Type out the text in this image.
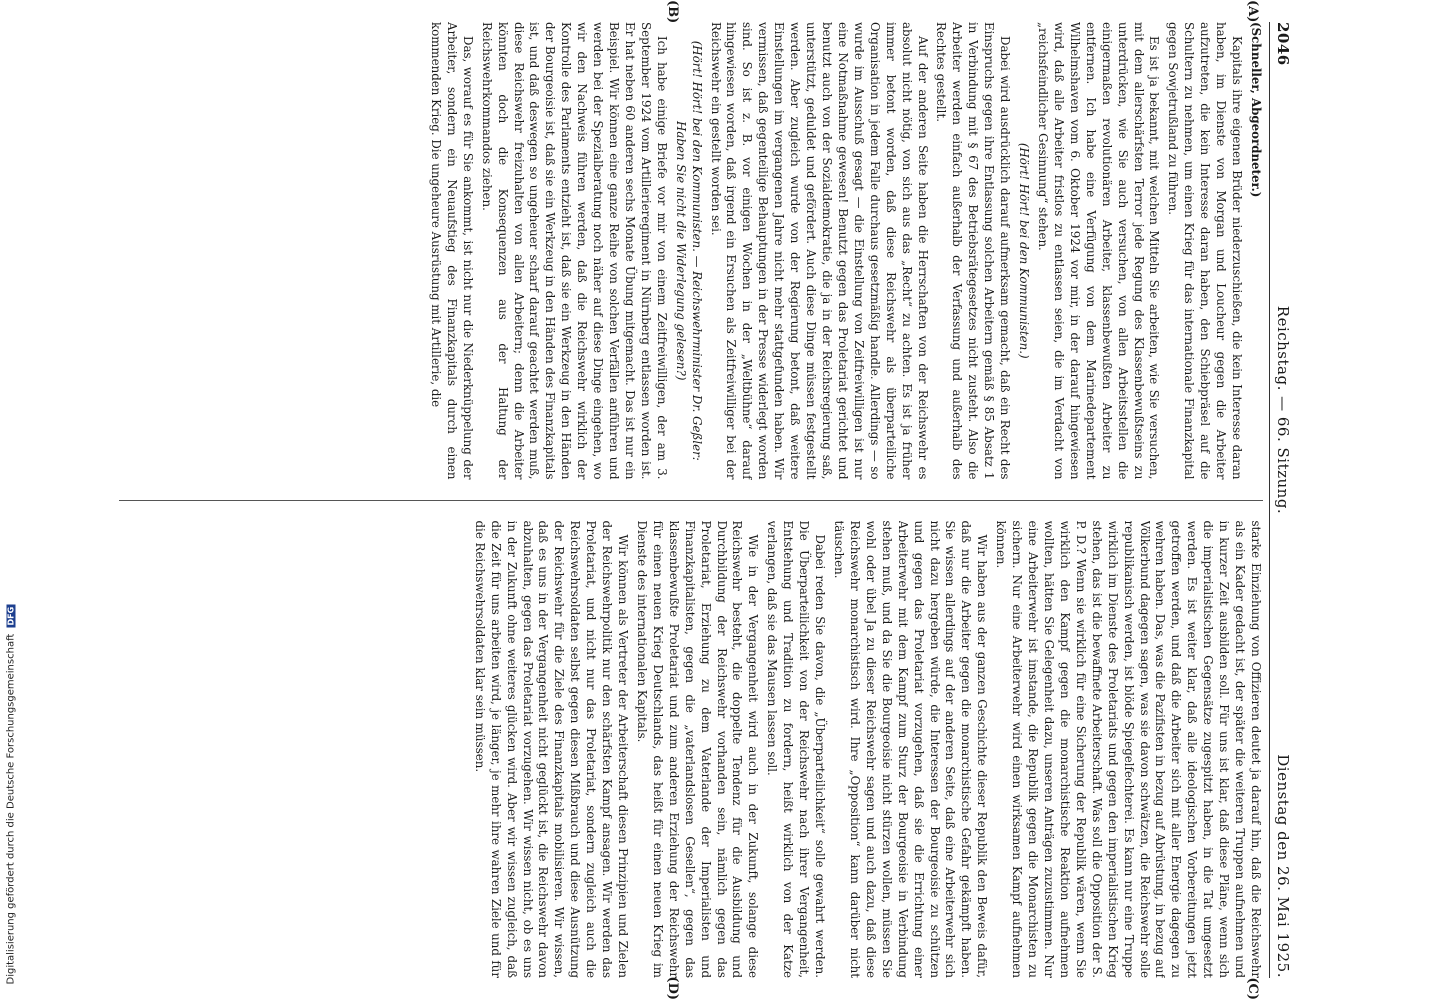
2046
Reichstag. — 66. Sitzung.
Dienstag den 26. Mai 1925.

(Schneller, Abgeordneter.)

Kapitals ihre eigenen Brüder niederzuschießen, die kein Interesse daran haben, im Dienste von Morgan und Loucheur gegen die Arbeiter aufzutreten, die kein Interesse daran haben, den Schiebpräsel auf die Schultern zu nehmen, um einen Krieg für das internationale Finanzkapital gegen Sowjetrußland zu führen.

Es ist ja bekannt, mit welchen Mitteln Sie arbeiten, wie Sie versuchen, mit dem allerschärfsten Terror jede Regung des Klassenbewußtseins zu unterdrücken, wie Sie auch versuchen, von allen Arbeitsstellen die einigermaßen revolutionären Arbeiter, klassenbewußten Arbeiter zu entfernen. Ich habe eine Verfügung von dem Marinedepartement Wilhelmshaven vom 6. Oktober 1924 vor mir, in der darauf hingewiesen wird, daß alle Arbeiter fristlos zu entlassen seien, die im Verdacht von „reichsfeindlicher Gesinnung“ stehen.

(Hört! Hört! bei den Kommunisten.)

Dabei wird ausdrücklich darauf aufmerksam gemacht, daß ein Recht des Einspruchs gegen ihre Entlassung solchen Arbeitern gemäß § 85 Absatz 1 in Verbindung mit § 67 des Betriebsrätegesetzes nicht zusteht. Also die Arbeiter werden einfach außerhalb der Verfassung und außerhalb des Rechtes gestellt.

Auf der anderen Seite haben die Herrschaften von der Reichswehr es absolut nicht nötig, von sich aus das „Recht“ zu achten. Es ist ja früher immer betont worden, daß diese Reichswehr als überparteiliche Organisation in jedem Falle durchaus gesetzmäßig handle. Allerdings — so wurde im Ausschuß gesagt — die Einstellung von Zeitfreiwilligen ist nur eine Notmaßnahme gewesen! Benutzt gegen das Proletariat gerichtet und benutzt auch von der Sozialdemokratie, die ja in der Reichsregierung saß, unterstützt, geduldet und gefördert. Auch diese Dinge müssen festgestellt werden. Aber zugleich wurde von der Regierung betont, daß weitere Einstellungen im vergangenen Jahre nicht mehr stattgefunden haben. Wir vermissen, daß gegenteilige Behauptungen in der Presse widerlegt worden sind. So ist z. B. vor einigen Wochen in der „Weltbühne“ darauf hingewiesen worden, daß irgend ein Ersuchen als Zeitfreiwilliger bei der Reichswehr ein gestellt worden sei.

(Hört! Hört! bei den Kommunisten. — Reichswehrminister Dr. Geßler: Haben Sie nicht die Widerlegung gelesen?)

Ich habe einige Briefe vor mir von einem Zeitfreiwilligen, der am 3. September 1924 vom Artillerieregiment in Nürnberg entlassen worden ist. Er hat neben 60 anderen sechs Monate Übung mitgemacht. Das ist nur ein Beispiel. Wir können eine ganze Reihe von solchen Verfällen anführen und werden bei der Spezialberatung noch näher auf diese Dinge eingehen, wo wir den Nachweis führen werden, daß die Reichswehr wirklich der Kontrolle des Parlaments entzieht ist, daß sie ein Werkzeug in den Händen der Bourgeoisie ist, daß sie ein Werkzeug in den Händen des Finanzkapitals ist, und daß deswegen so ungeheuer scharf darauf geachtet werden muß, diese Reichswehr freizuhalten von allen Arbeitern; denn die Arbeiter könnten doch die Konsequenzen aus der Haltung der Reichswehrkommandos ziehen.

Das, worauf es für Sie ankommt, ist nicht nur die Niederknüppelung der Arbeiter, sondern ein Neuaufstieg des Finanzkapitals durch einen kommenden Krieg. Die ungeheure Ausrüstung mit Artillerie, die

starke Einziehung von Offizieren deutet ja darauf hin, daß die Reichswehr als ein Kader gedacht ist, der später die weiteren Truppen aufnehmen und in kurzer Zeit ausbilden soll. Für uns ist klar, daß diese Pläne, wenn sich die imperialistischen Gegensätze zugespitzt haben, in die Tat umgesetzt werden. Es ist weiter klar, daß alle ideologischen Vorbereitungen jetzt getroffen werden, und daß die Arbeiter sich mit aller Energie dagegen zu wehren haben. Das, was die Pazifisten in bezug auf Abrüstung, in bezug auf Völkerbund dagegen sagen, was sie davon schwätzen, die Reichswehr solle republikanisch werden, ist blöde Spiegelfechterei. Es kann nur eine Truppe wirklich im Dienste des Proletariats und gegen den imperialistischen Krieg stehen, das ist die bewaffnete Arbeiterschaft. Was soll die Opposition der S. P. D.? Wenn sie wirklich für eine Sicherung der Republik wären, wenn Sie wirklich den Kampf gegen die monarchistische Reaktion aufnehmen wollten, hätten Sie Gelegenheit dazu, unseren Anträgen zuzustimmen. Nur eine Arbeiterwehr ist imstande, die Republik gegen die Monarchisten zu sichern. Nur eine Arbeiterwehr wird einen wirksamen Kampf aufnehmen können.

Wir haben aus der ganzen Geschichte dieser Republik den Beweis dafür, daß nur die Arbeiter gegen die monarchistische Gefahr gekämpft haben. Sie wissen allerdings auf der anderen Seite, daß eine Arbeiterwehr sich nicht dazu hergeben würde, die Interessen der Bourgeoisie zu schützen und gegen das Proletariat vorzugehen, daß sie die Errichtung einer Arbeiterwehr mit dem Kampf zum Sturz der Bourgeoisie in Verbindung stehen muß, und da Sie die Bourgeoisie nicht stürzen wollen, müssen Sie wohl oder übel Ja zu dieser Reichswehr sagen und auch dazu, daß diese Reichswehr monarchistisch wird. Ihre „Opposition“ kann darüber nicht täuschen.

Dabei reden Sie davon, die „Überparteilichkeit“ solle gewahrt werden. Die Überparteilichkeit von der Reichswehr nach ihrer Vergangenheit, Entstehung und Tradition zu fordern, heißt wirklich von der Katze verlangen, daß sie das Mausen lassen soll.

Wie in der Vergangenheit wird auch in der Zukunft, solange diese Reichswehr besteht, die doppelte Tendenz für die Ausbildung und Durchbildung der Reichswehr vorhanden sein, nämlich gegen das Proletariat, Erziehung zu dem Vaterlande der Imperialisten und Finanzkapitalisten, gegen die „vaterlandslosen Gesellen“, gegen das klassenbewußte Proletariat und zum anderen Erziehung der Reichswehr für einen neuen Krieg Deutschlands, das heißt für einen neuen Krieg im Dienste des internationalen Kapitals.

Wir können als Vertreter der Arbeiterschaft diesen Prinzipien und Zielen der Reichswehrpolitik nur den schärfsten Kampf ansagen. Wir werden das Proletariat, und nicht nur das Proletariat, sondern zugleich auch die Reichswehrsoldaten selbst gegen diesen Mißbrauch und diese Ausnützung der Reichswehr für die Ziele des Finanzkapitals mobilisieren. Wir wissen, daß es uns in der Vergangenheit nicht geglückt ist, die Reichswehr davon abzuhalten, gegen das Proletariat vorzugehen. Wir wissen nicht, ob es uns in der Zukunft ohne weiteres glücken wird. Aber wir wissen zugleich, daß die Zeit für uns arbeiten wird, je länger, je mehr ihre wahren Ziele und für die Reichswehrsoldaten klar sein müssen.

(A)
(B)
(C)
(D)
Digitalisierung gefördert durch die Deutsche Forschungsgemeinschaft DFG
